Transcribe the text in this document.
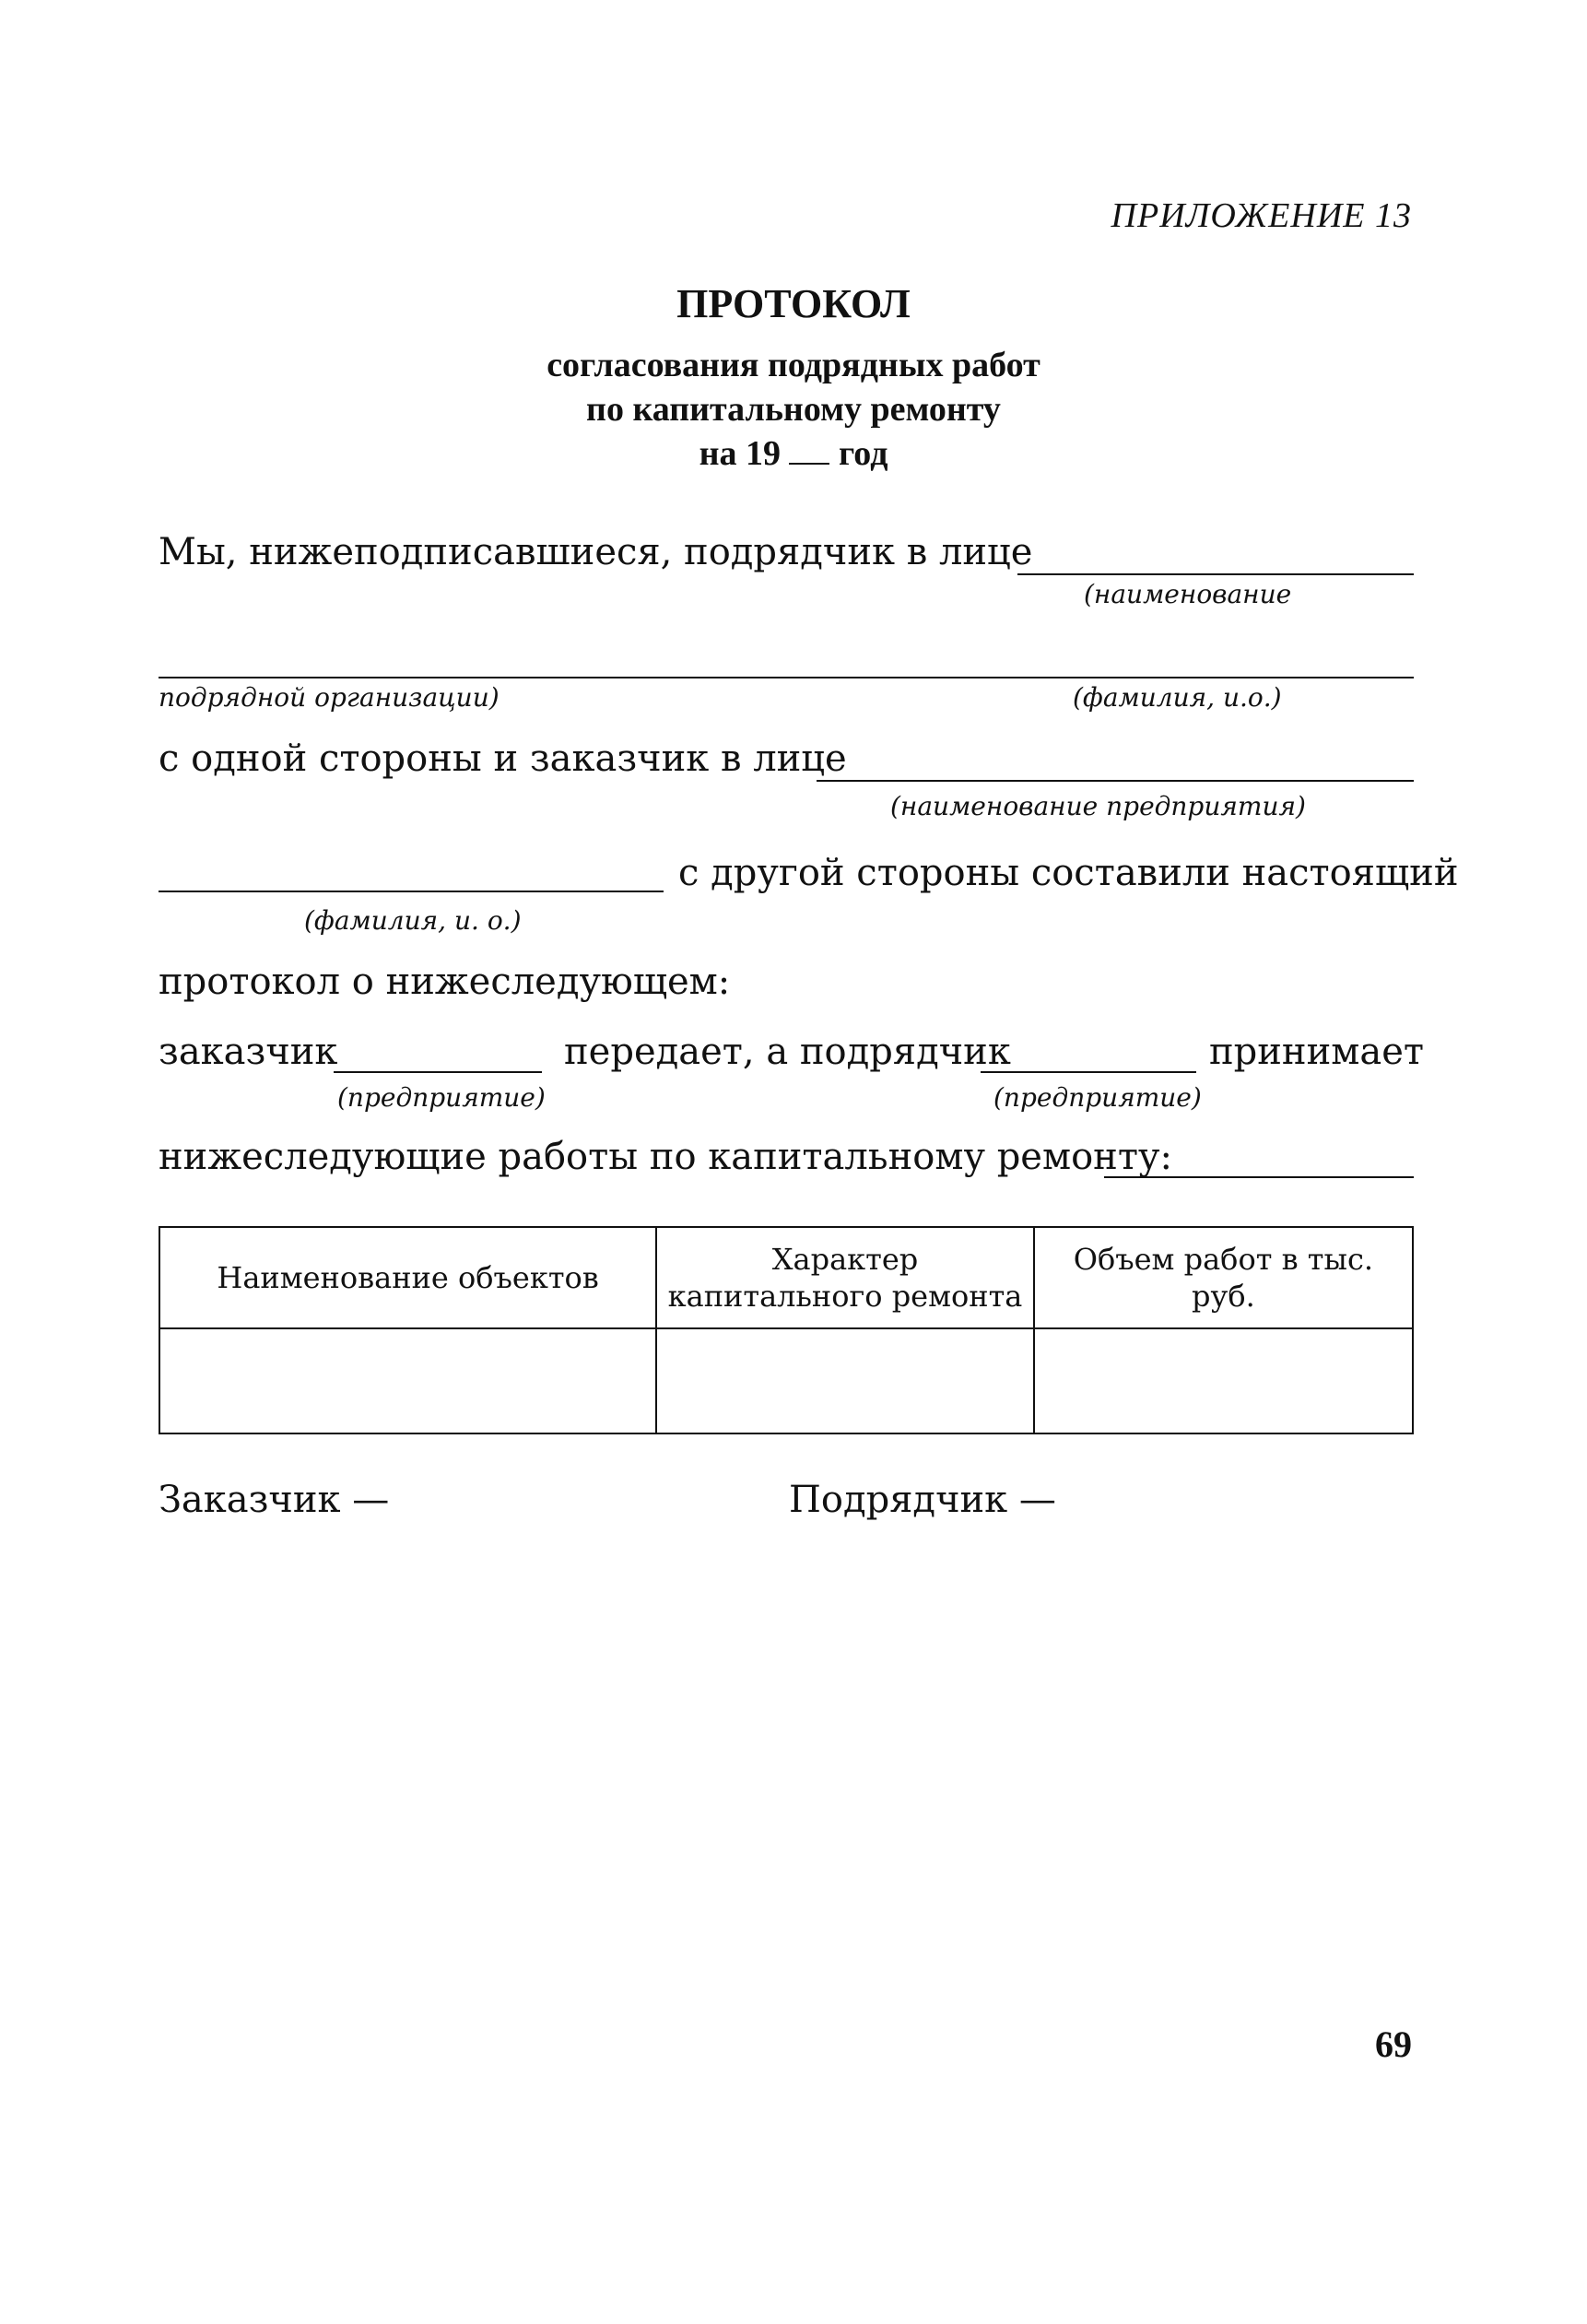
ПРИЛОЖЕНИЕ 13
ПРОТОКОЛ
согласования подрядных работ
по капитальному ремонту
на 19 год
Мы, нижеподписавшиеся, подрядчик в лице
(наименование
подрядной организации)	(фамилия, и.о.)
с одной стороны и заказчик в лице
(наименование предприятия)
с другой стороны составили настоящий
(фамилия, и. о.)
протокол о нижеследующем:
заказчик	передает, а подрядчик	принимает
(предприятие)	(предприятие)
нижеследующие работы по капитальному ремонту:
Наименование объектов	Характер капитального ремонта	Объем работ в тыс. руб.

Заказчик —	Подрядчик —
69
